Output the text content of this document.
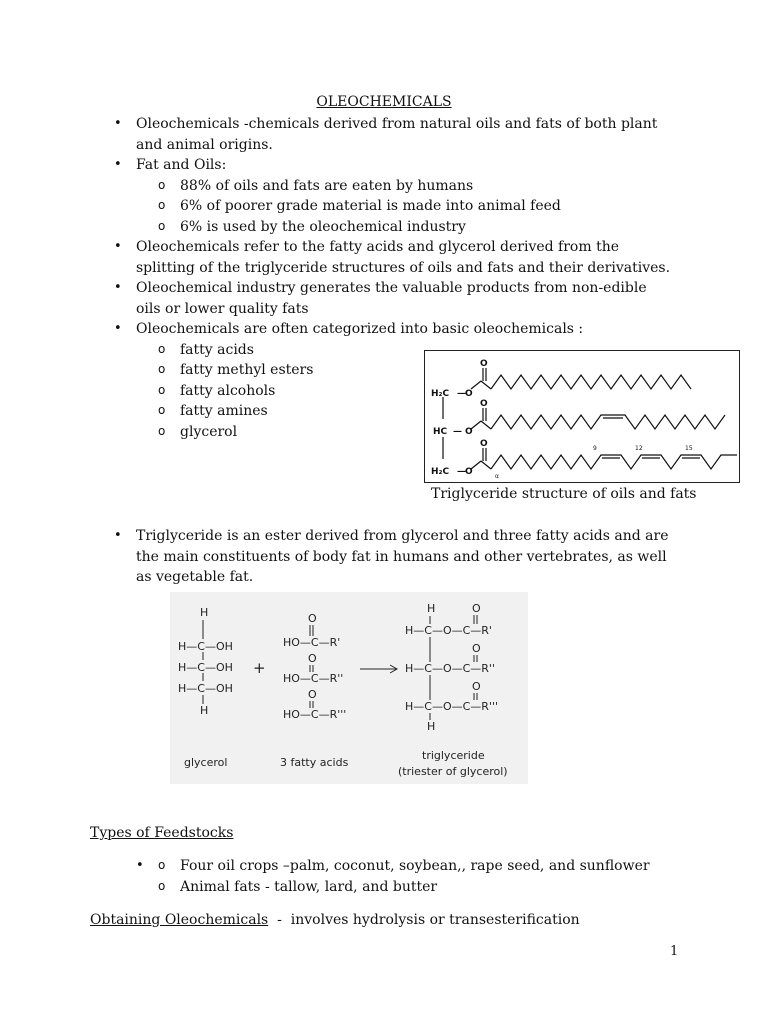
OLEOCHEMICALS
• Oleochemicals -chemicals derived from natural oils and fats of both plant and animal origins.
• Fat and Oils:
o 88% of oils and fats are eaten by humans
o 6% of poorer grade material is made into animal feed
o 6% is used by the oleochemical industry
• Oleochemicals refer to the fatty acids and glycerol derived from the splitting of the triglyceride structures of oils and fats and their derivatives.
• Oleochemical industry generates the valuable products from non-edible oils or lower quality fats
• Oleochemicals are often categorized into basic oleochemicals :
o fatty acids
o fatty methyl esters
o fatty alcohols
o fatty amines
o glycerol
H₂C — O
O
HC — O
O
H₂C — O
O	9	12	15
α
Triglyceride structure of oils and fats
• Triglyceride is an ester derived from glycerol and three fatty acids and are the main constituents of body fat in humans and other vertebrates, as well as vegetable fat.
H
H—C—OH
H—C—OH
H—C—OH
H
+
O
HO—C—R'
O
HO—C—R''
O
HO—C—R'''
H	O
H—C—O—C—R'
O
H—C—O—C—R''
O
H—C—O—C—R'''
H
glycerol	3 fatty acids
triglyceride
(triester of glycerol)
Types of Feedstocks
o • Four oil crops –palm, coconut, soybean,, rape seed, and sunflower
o Animal fats - tallow, lard, and butter
Obtaining Oleochemicals  -  involves hydrolysis or transesterification
1
